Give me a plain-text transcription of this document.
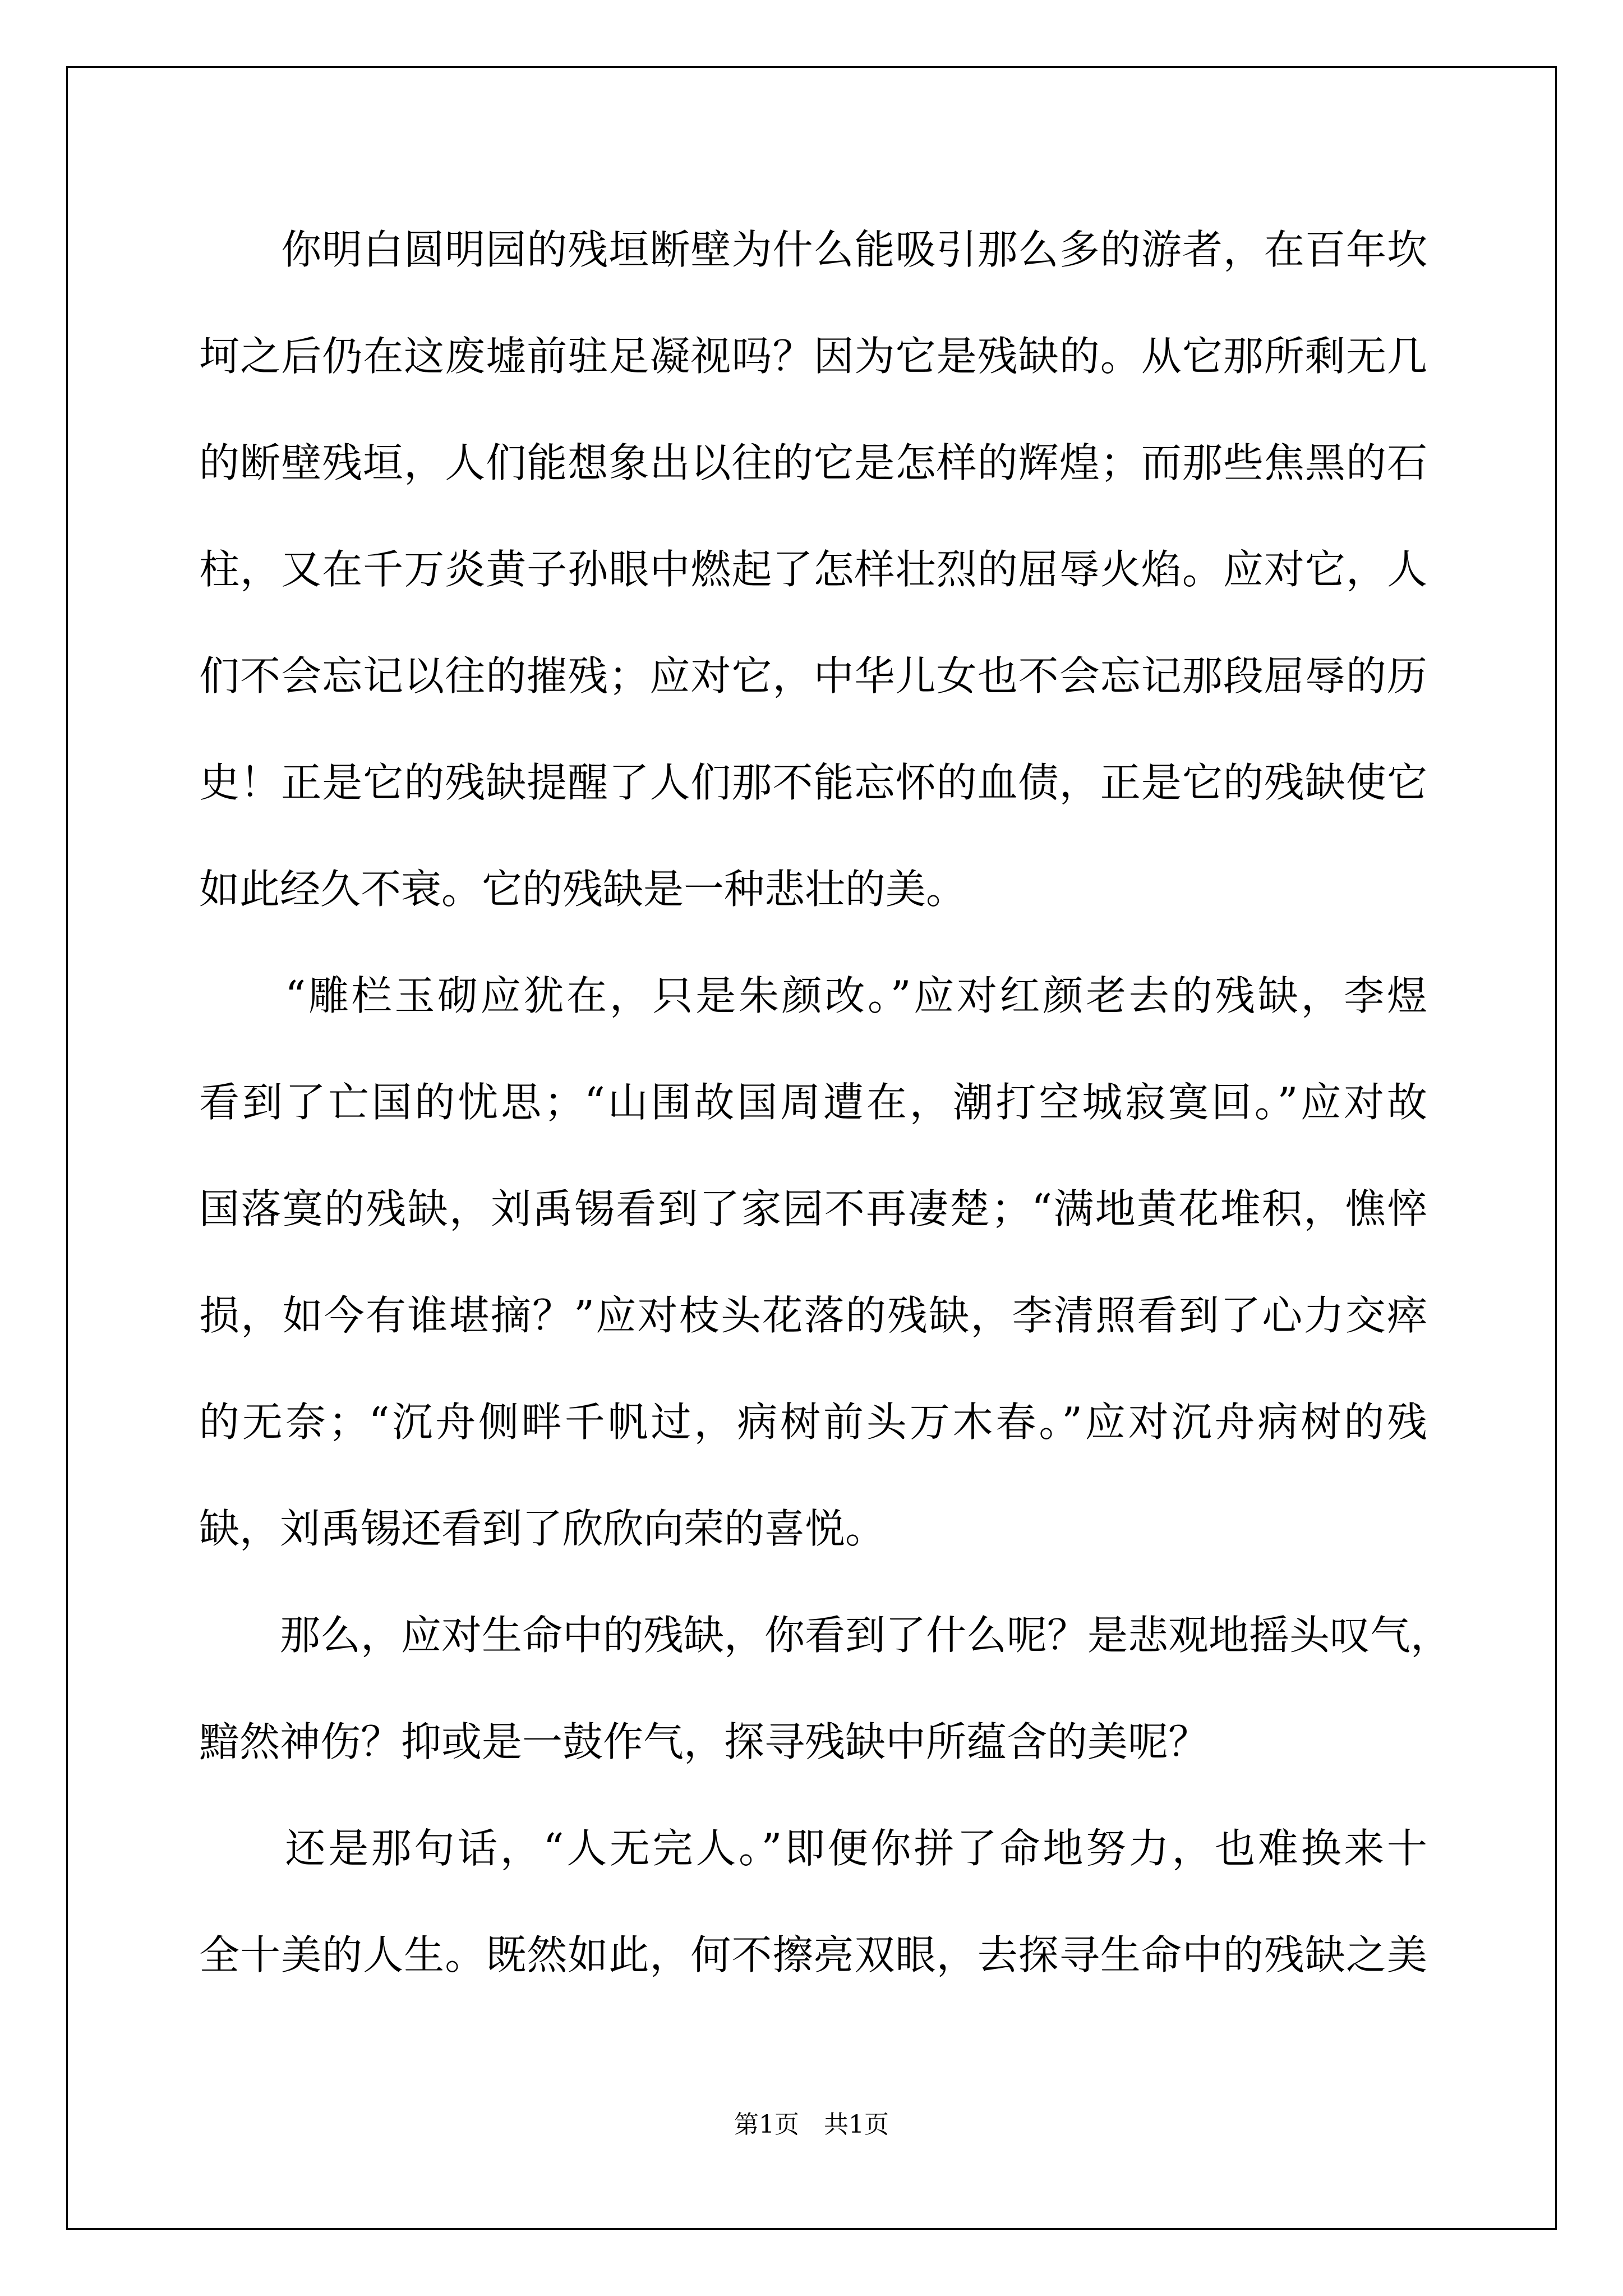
　　你明白圆明园的残垣断壁为什么能吸引那么多的游者，在百年坎
坷之后仍在这废墟前驻足凝视吗？因为它是残缺的。从它那所剩无几
的断壁残垣，人们能想象出以往的它是怎样的辉煌；而那些焦黑的石
柱，又在千万炎黄子孙眼中燃起了怎样壮烈的屈辱火焰。应对它，人
们不会忘记以往的摧残；应对它，中华儿女也不会忘记那段屈辱的历
史！正是它的残缺提醒了人们那不能忘怀的血债，正是它的残缺使它
如此经久不衰。它的残缺是一种悲壮的美。
　　“雕栏玉砌应犹在，只是朱颜改。”应对红颜老去的残缺，李煜
看到了亡国的忧思；“山围故国周遭在，潮打空城寂寞回。”应对故
国落寞的残缺，刘禹锡看到了家园不再凄楚；“满地黄花堆积，憔悴
损，如今有谁堪摘？”应对枝头花落的残缺，李清照看到了心力交瘁
的无奈；“沉舟侧畔千帆过，病树前头万木春。”应对沉舟病树的残
缺，刘禹锡还看到了欣欣向荣的喜悦。
　　那么，应对生命中的残缺，你看到了什么呢？是悲观地摇头叹气，
黯然神伤？抑或是一鼓作气，探寻残缺中所蕴含的美呢？
　　还是那句话，“人无完人。”即便你拼了命地努力，也难换来十
全十美的人生。既然如此，何不擦亮双眼，去探寻生命中的残缺之美
第1页　共1页
